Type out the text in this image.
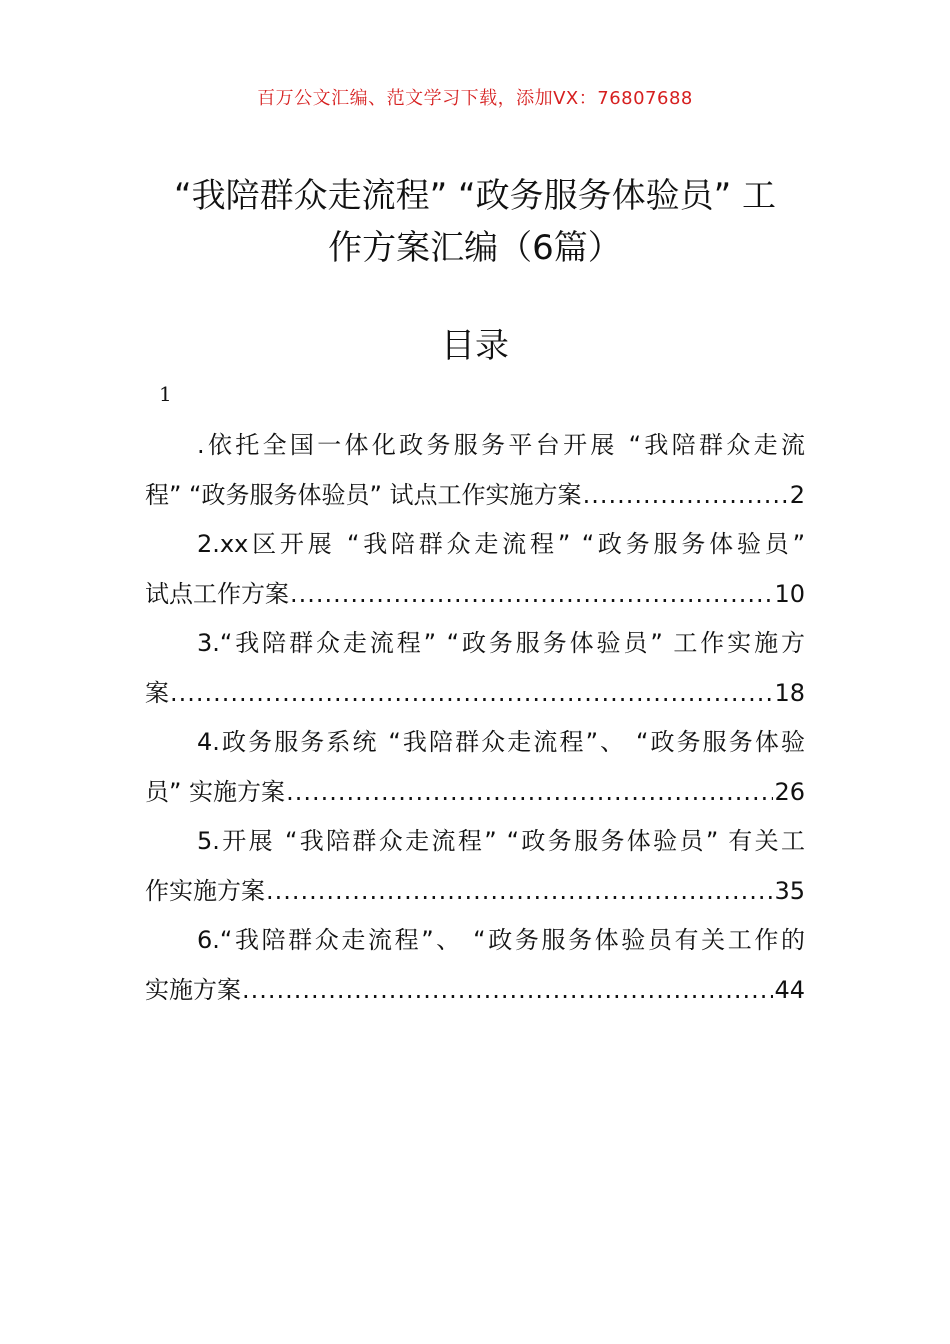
百万公文汇编、范文学习下载，添加VX：76807688
“我陪群众走流程” “政务服务体验员” 工
作方案汇编（6篇）
目录
1
.依托全国一体化政务服务平台开展 “我陪群众走流
程” “政务服务体验员” 试点工作实施方案 .....	2
2.xx区开展 “我陪群众走流程” “政务服务体验员”
试点工作方案 .....	10
3.“我陪群众走流程” “政务服务体验员” 工作实施方
案 .....	18
4.政务服务系统 “我陪群众走流程”、 “政务服务体验
员” 实施方案 .....	26
5.开展 “我陪群众走流程” “政务服务体验员” 有关工
作实施方案 .....	35
6.“我陪群众走流程”、 “政务服务体验员有关工作的
实施方案 .....	44
